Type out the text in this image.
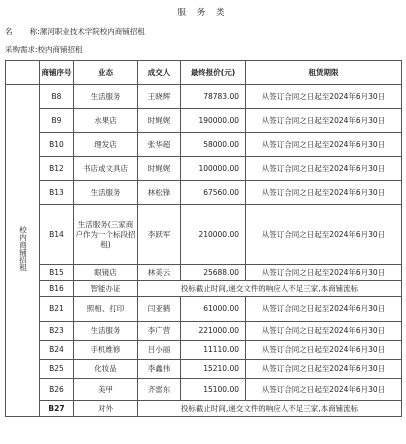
服 务 类
名 称:漯河职业技术学院校内商铺招租
采购需求:校内商铺招租
	商铺序号	业态	成交人	最终报价(元)	租赁期限
校内商铺招租	B8	生活服务	王晓辉	78783.00	从签订合同之日起至2024年6月30日
	B9	水果店	时娓娓	190000.00	从签订合同之日起至2024年6月30日
	B10	理发店	张华超	58000.00	从签订合同之日起至2024年6月30日
	B12	书店或文具店	时娓娓	100000.00	从签订合同之日起至2024年6月30日
	B13	生活服务	林松锋	67560.00	从签订合同之日起至2024年6月30日
	B14	生活服务(三家商户作为一个标段招租)	李跃军	210000.00	从签订合同之日起至2024年6月30日
	B15	眼镜店	林美云	25688.00	从签订合同之日起至2024年6月30日
	B16	智能办证	投标截止时间,递交文件的响应人不足三家,本商铺流标		
	B21	照相、打印	闫亚鹤	61000.00	从签订合同之日起至2024年6月30日
	B23	生活服务	李广营	221000.00	从签订合同之日起至2024年6月30日
	B24	手机维修	吕小丽	11110.00	从签订合同之日起至2024年6月30日
	B25	化妆品	李鑫伟	15210.00	从签订合同之日起至2024年6月30日
	B26	美甲	齐雷东	15100.00	从签订合同之日起至2024年6月30日
	B27	对外	投标截止时间,递交文件的响应人不足三家,本商铺流标		
